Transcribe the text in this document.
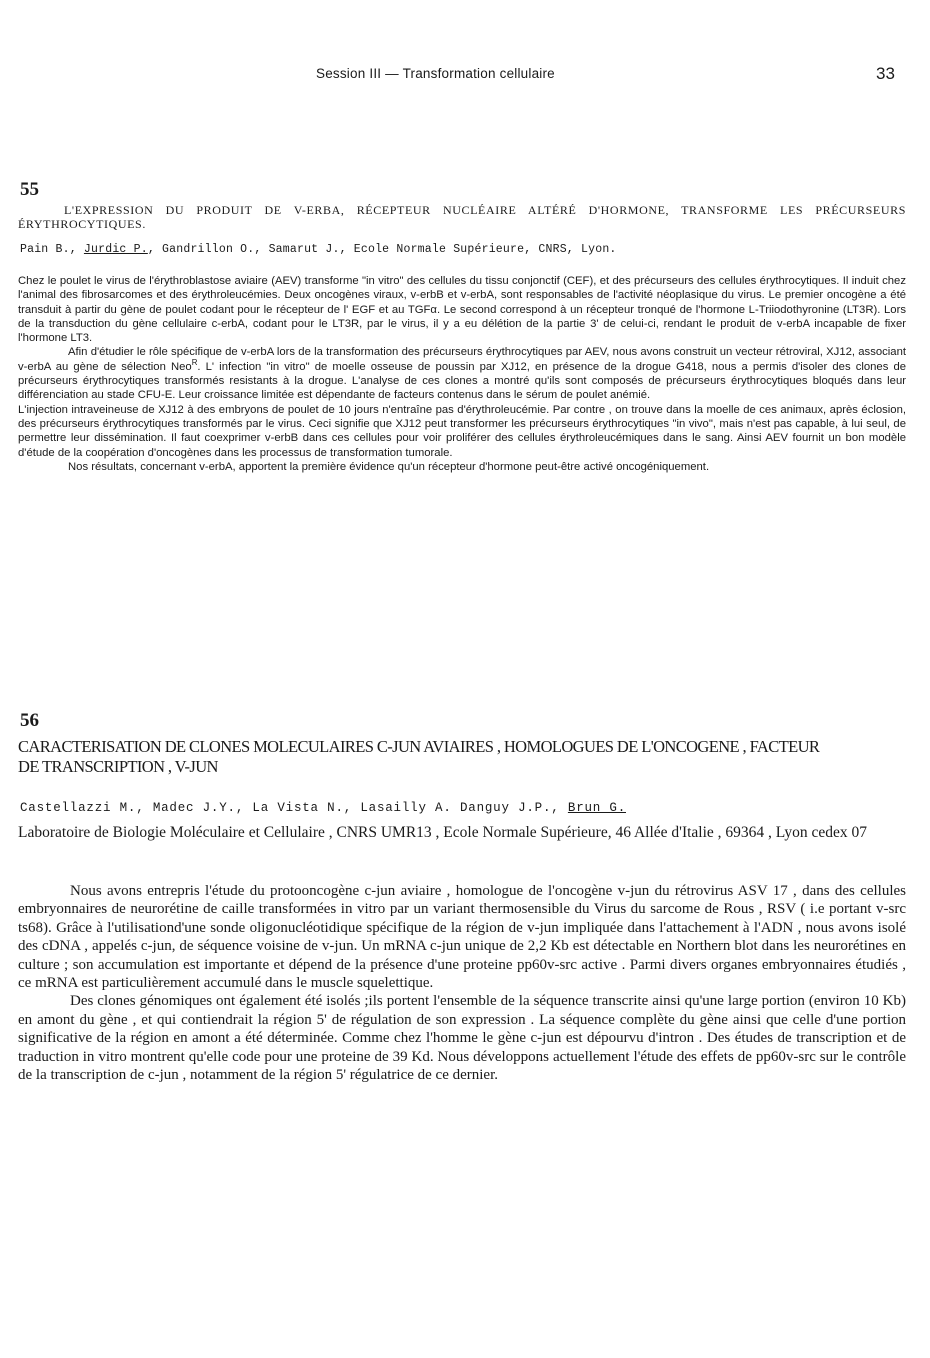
Session III — Transformation cellulaire	33
55

L'EXPRESSION DU PRODUIT DE V-ERBA, RÉCEPTEUR NUCLÉAIRE ALTÉRÉ D'HORMONE, TRANSFORME LES PRÉCURSEURS ÉRYTHROCYTIQUES.

Pain B., Jurdic P., Gandrillon O., Samarut J., Ecole Normale Supérieure, CNRS, Lyon.

Chez le poulet le virus de l'érythroblastose aviaire (AEV) transforme "in vitro" des cellules du tissu conjonctif (CEF), et des précurseurs des cellules érythrocytiques. Il induit chez l'animal des fibrosarcomes et des érythroleucémies. Deux oncogènes viraux, v-erbB et v-erbA, sont responsables de l'activité néoplasique du virus. Le premier oncogène a été transduit à partir du gène de poulet codant pour le récepteur de l' EGF et au TGFα. Le second correspond à un récepteur tronqué de l'hormone L-Triiodothyronine (LT3R). Lors de la transduction du gène cellulaire c-erbA, codant pour le LT3R, par le virus, il y a eu délétion de la partie 3' de celui-ci, rendant le produit de v-erbA incapable de fixer l'hormone LT3.

Afin d'étudier le rôle spécifique de v-erbA lors de la transformation des précurseurs érythrocytiques par AEV, nous avons construit un vecteur rétroviral, XJ12, associant v-erbA au gène de sélection Neo$^R$. L' infection "in vitro" de moelle osseuse de poussin par XJ12, en présence de la drogue G418, nous a permis d'isoler des clones de précurseurs érythrocytiques transformés resistants à la drogue. L'analyse de ces clones a montré qu'ils sont composés de précurseurs érythrocytiques bloqués dans leur différenciation au stade CFU-E. Leur croissance limitée est dépendante de facteurs contenus dans le sérum de poulet anémié.

L'injection intraveineuse de XJ12 à des embryons de poulet de 10 jours n'entraîne pas d'érythroleucémie. Par contre , on trouve dans la moelle de ces animaux, après éclosion, des précurseurs érythrocytiques transformés par le virus. Ceci signifie que XJ12 peut transformer les précurseurs érythrocytiques "in vivo", mais n'est pas capable, à lui seul, de permettre leur dissémination. Il faut coexprimer v-erbB dans ces cellules pour voir proliférer des cellules érythroleucémiques dans le sang. Ainsi AEV fournit un bon modèle d'étude de la coopération d'oncogènes dans les processus de transformation tumorale.

Nos résultats, concernant v-erbA, apportent la première évidence qu'un récepteur d'hormone peut-être activé oncogéniquement.

56

CARACTERISATION DE CLONES MOLECULAIRES C-JUN AVIAIRES , HOMOLOGUES DE L'ONCOGENE , FACTEUR DE TRANSCRIPTION , V-JUN

Castellazzi M., Madec J.Y., La Vista N., Lasailly A. Danguy J.P., Brun G.

Laboratoire de Biologie Moléculaire et Cellulaire , CNRS UMR13 , Ecole Normale Supérieure, 46 Allée d'Italie , 69364 , Lyon cedex 07

Nous avons entrepris l'étude du protooncogène c-jun aviaire , homologue de l'oncogène v-jun du rétrovirus ASV 17 , dans des cellules embryonnaires de neurorétine de caille transformées in vitro par un variant thermosensible du Virus du sarcome de Rous , RSV ( i.e portant v-src ts68). Grâce à l'utilisationd'une sonde oligonucléotidique spécifique de la région de v-jun impliquée dans l'attachement à l'ADN , nous avons isolé des cDNA , appelés c-jun, de séquence voisine de v-jun. Un mRNA c-jun unique de 2,2 Kb est détectable en Northern blot dans les neurorétines en culture ; son accumulation est importante et dépend de la présence d'une proteine pp60v-src active . Parmi divers organes embryonnaires étudiés , ce mRNA est particulièrement accumulé dans le muscle squelettique.

Des clones génomiques ont également été isolés ;ils portent l'ensemble de la séquence transcrite ainsi qu'une large portion (environ 10 Kb) en amont du gène , et qui contiendrait la région 5' de régulation de son expression . La séquence complète du gène ainsi que celle d'une portion significative de la région en amont a été déterminée. Comme chez l'homme le gène c-jun est dépourvu d'intron . Des études de transcription et de traduction in vitro montrent qu'elle code pour une proteine de 39 Kd. Nous développons actuellement l'étude des effets de pp60v-src sur le contrôle de la transcription de c-jun , notamment de la région 5' régulatrice de ce dernier.
